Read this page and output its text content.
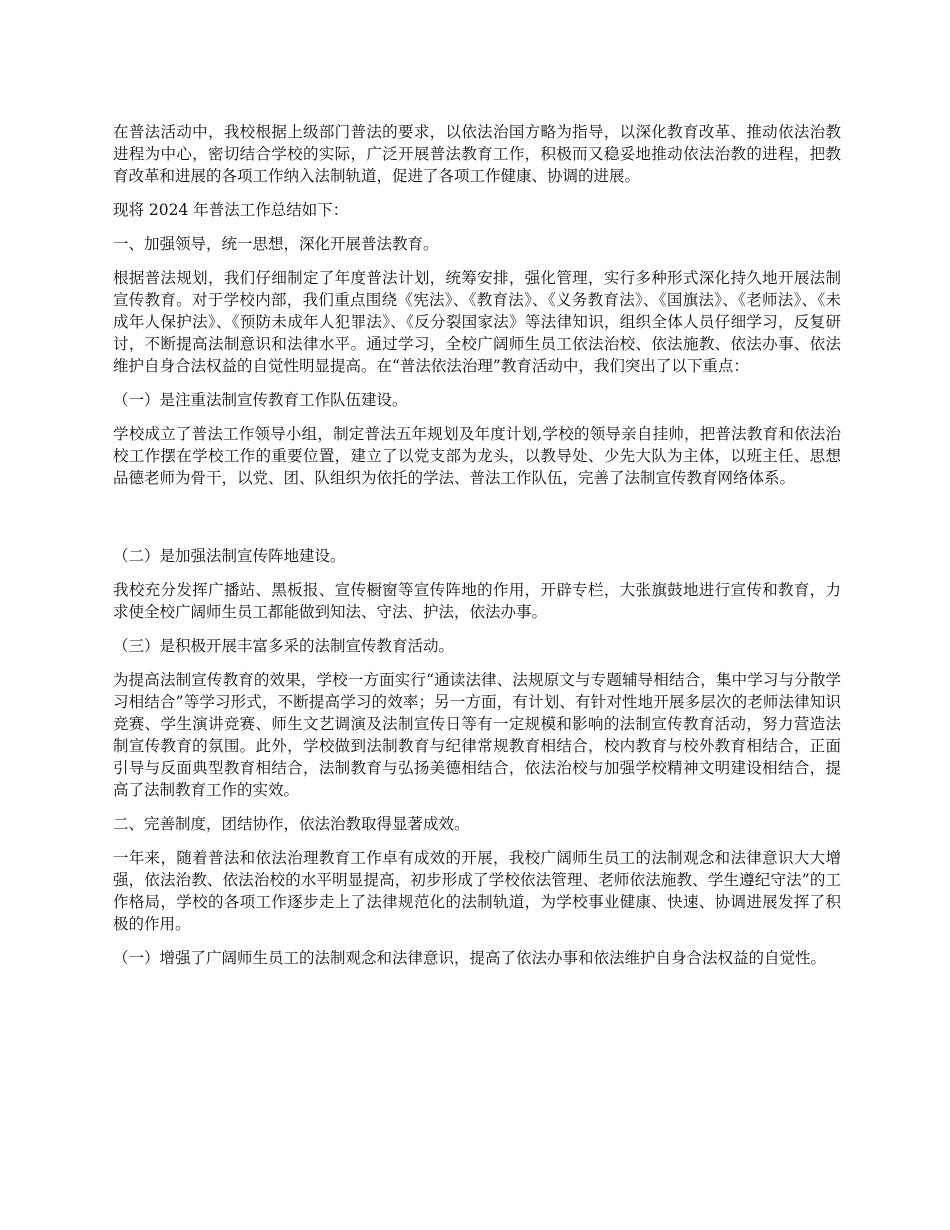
在普法活动中，我校根据上级部门普法的要求，以依法治国方略为指导，以深化教育改革、推动依法治教进程为中心，密切结合学校的实际，广泛开展普法教育工作，积极而又稳妥地推动依法治教的进程，把教育改革和进展的各项工作纳入法制轨道，促进了各项工作健康、协调的进展。

现将 2024 年普法工作总结如下：

一、加强领导，统一思想，深化开展普法教育。

根据普法规划，我们仔细制定了年度普法计划，统筹安排，强化管理，实行多种形式深化持久地开展法制宣传教育。对于学校内部，我们重点围绕《宪法》、《教育法》、《义务教育法》、《国旗法》、《老师法》、《未成年人保护法》、《预防未成年人犯罪法》、《反分裂国家法》等法律知识，组织全体人员仔细学习，反复研讨，不断提高法制意识和法律水平。通过学习，全校广阔师生员工依法治校、依法施教、依法办事、依法维护自身合法权益的自觉性明显提高。在“普法依法治理”教育活动中，我们突出了以下重点：

（一）是注重法制宣传教育工作队伍建设。

学校成立了普法工作领导小组，制定普法五年规划及年度计划,学校的领导亲自挂帅，把普法教育和依法治校工作摆在学校工作的重要位置，建立了以党支部为龙头，以教导处、少先大队为主体，以班主任、思想品德老师为骨干，以党、团、队组织为依托的学法、普法工作队伍，完善了法制宣传教育网络体系。

（二）是加强法制宣传阵地建设。

我校充分发挥广播站、黑板报、宣传橱窗等宣传阵地的作用，开辟专栏，大张旗鼓地进行宣传和教育，力求使全校广阔师生员工都能做到知法、守法、护法，依法办事。

（三）是积极开展丰富多采的法制宣传教育活动。

为提高法制宣传教育的效果，学校一方面实行“通读法律、法规原文与专题辅导相结合，集中学习与分散学习相结合”等学习形式，不断提高学习的效率；另一方面，有计划、有针对性地开展多层次的老师法律知识竞赛、学生演讲竞赛、师生文艺调演及法制宣传日等有一定规模和影响的法制宣传教育活动，努力营造法制宣传教育的氛围。此外，学校做到法制教育与纪律常规教育相结合，校内教育与校外教育相结合，正面引导与反面典型教育相结合，法制教育与弘扬美德相结合，依法治校与加强学校精神文明建设相结合，提高了法制教育工作的实效。

二、完善制度，团结协作，依法治教取得显著成效。

一年来，随着普法和依法治理教育工作卓有成效的开展，我校广阔师生员工的法制观念和法律意识大大增强，依法治教、依法治校的水平明显提高，初步形成了学校依法管理、老师依法施教、学生遵纪守法”的工作格局，学校的各项工作逐步走上了法律规范化的法制轨道，为学校事业健康、快速、协调进展发挥了积极的作用。

（一）增强了广阔师生员工的法制观念和法律意识，提高了依法办事和依法维护自身合法权益的自觉性。
